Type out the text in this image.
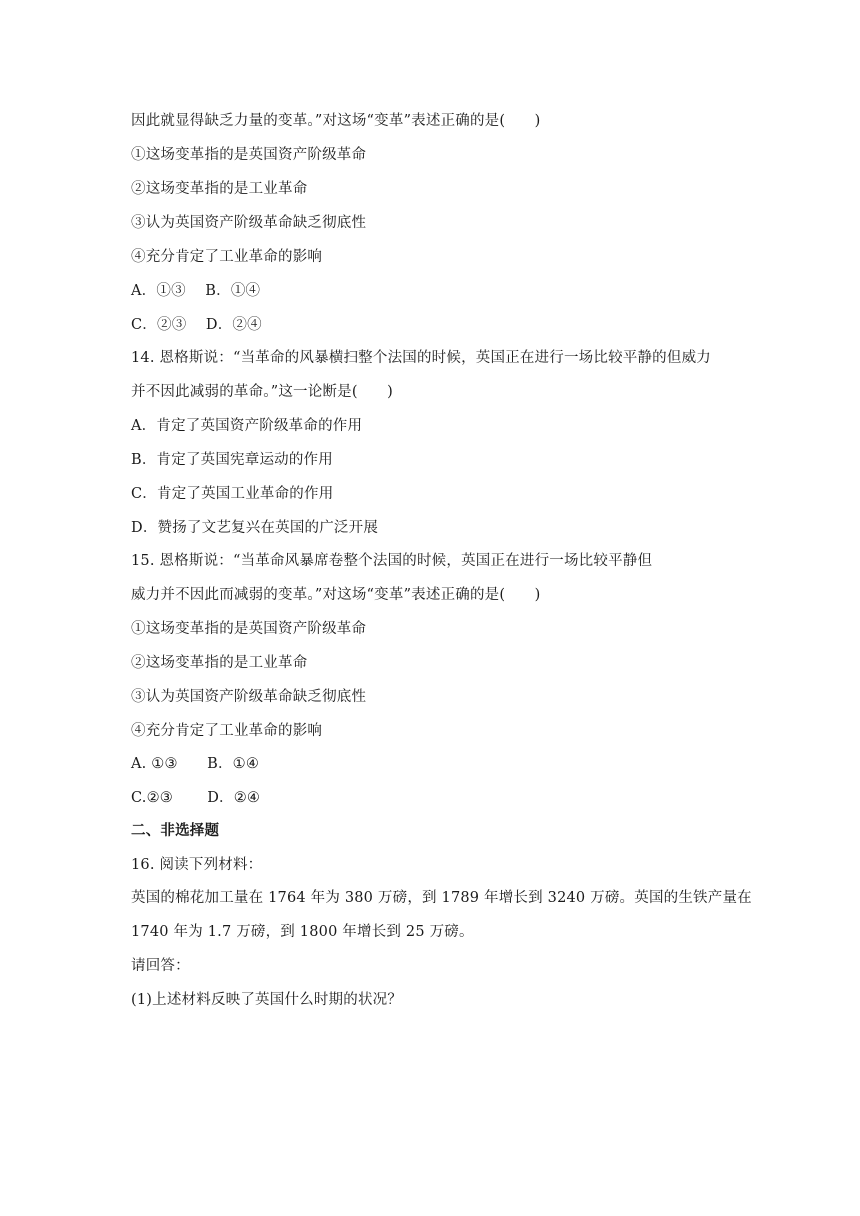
因此就显得缺乏力量的变革。”对这场“变革”表述正确的是(　　)
①这场变革指的是英国资产阶级革命
②这场变革指的是工业革命
③认为英国资产阶级革命缺乏彻底性
④充分肯定了工业革命的影响
A．①③　 B．①④
C．②③　 D．②④
14. 恩格斯说：“当革命的风暴横扫整个法国的时候，英国正在进行一场比较平静的但威力
并不因此减弱的革命。”这一论断是(　　)
A．肯定了英国资产阶级革命的作用
B．肯定了英国宪章运动的作用
C．肯定了英国工业革命的作用
D．赞扬了文艺复兴在英国的广泛开展
15. 恩格斯说：“当革命风暴席卷整个法国的时候，英国正在进行一场比较平静但
威力并不因此而减弱的变革。”对这场“变革”表述正确的是(　　)
①这场变革指的是英国资产阶级革命
②这场变革指的是工业革命
③认为英国资产阶级革命缺乏彻底性
④充分肯定了工业革命的影响
A. ①③　　B．①④
C.②③　　 D．②④
二、非选择题
16. 阅读下列材料：
英国的棉花加工量在 1764 年为 380 万磅，到 1789 年增长到 3240 万磅。英国的生铁产量在
1740 年为 1.7 万磅，到 1800 年增长到 25 万磅。
请回答：
(1)上述材料反映了英国什么时期的状况？
